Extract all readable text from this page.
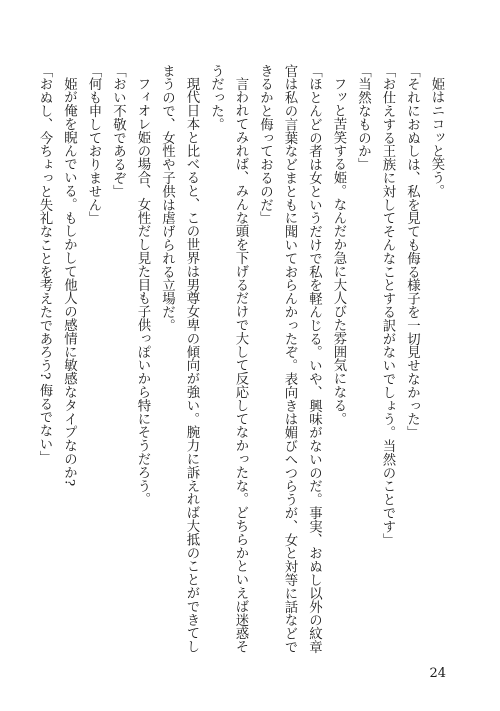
姫はニコッと笑う。

「それにおぬしは、私を見ても侮る様子を一切見せなかった」

「お仕えする王族に対してそんなことする訳がないでしょう。当然のことです」

「当然なものか」

フッと苦笑する姫。なんだか急に大人びた雰囲気になる。

「ほとんどの者は女というだけで私を軽んじる。いや、興味がないのだ。事実、おぬし以外の紋章

官は私の言葉などまともに聞いておらんかったぞ。表向きは媚びへつらうが、女と対等に話などで

きるかと侮っておるのだ」

言われてみれば、みんな頭を下げるだけで大して反応してなかったな。どちらかといえば迷惑そ

うだった。

現代日本と比べると、この世界は男尊女卑の傾向が強い。腕力に訴えれば大抵のことができてし

まうので、女性や子供は虐げられる立場だ。

フィオレ姫の場合、女性だし見た目も子供っぽいから特にそうだろう。

「おい不敬であるぞ」

「何も申しておりません」

姫が俺を睨んでいる。もしかして他人の感情に敏感なタイプなのか?

「おぬし、今ちょっと失礼なことを考えたであろう? 侮るでない」

24
